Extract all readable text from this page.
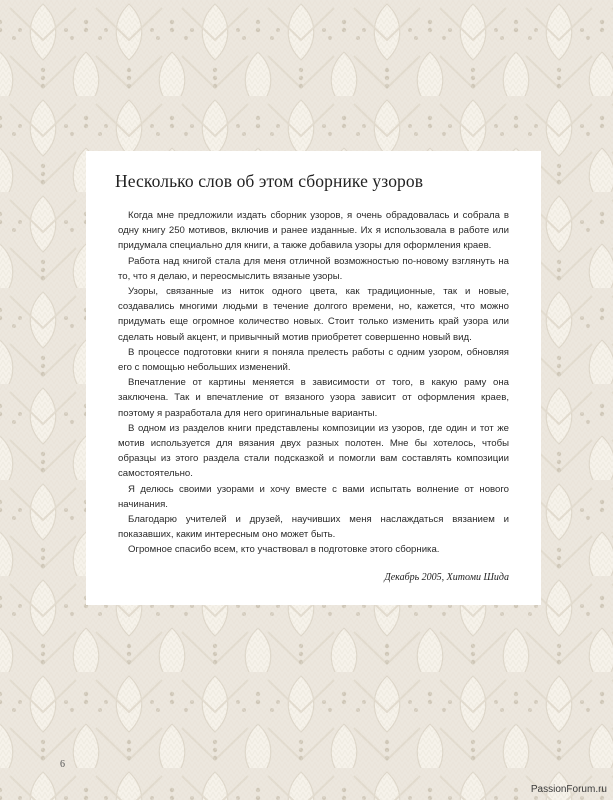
Несколько слов об этом сборнике узоров

Когда мне предложили издать сборник узоров, я очень обрадовалась и собрала в одну книгу 250 мотивов, включив и ранее изданные. Их я использовала в работе или придумала специально для книги, а также добавила узоры для оформления краев.

Работа над книгой стала для меня отличной возможностью по-новому взглянуть на то, что я делаю, и переосмыслить вязаные узоры.

Узоры, связанные из ниток одного цвета, как традиционные, так и новые, создавались многими людьми в течение долгого времени, но, кажется, что можно придумать еще огромное количество новых. Стоит только изменить край узора или сделать новый акцент, и привычный мотив приобретет совершенно новый вид.

В процессе подготовки книги я поняла прелесть работы с одним узором, обновляя его с помощью небольших изменений.

Впечатление от картины меняется в зависимости от того, в какую раму она заключена. Так и впечатление от вязаного узора зависит от оформления краев, поэтому я разработала для него оригинальные варианты.

В одном из разделов книги представлены композиции из узоров, где один и тот же мотив используется для вязания двух разных полотен. Мне бы хотелось, чтобы образцы из этого раздела стали подсказкой и помогли вам составлять композиции самостоятельно.

Я делюсь своими узорами и хочу вместе с вами испытать волнение от нового начинания.

Благодарю учителей и друзей, научивших меня наслаждаться вязанием и показавших, каким интересным оно может быть.

Огромное спасибо всем, кто участвовал в подготовке этого сборника.

Декабрь 2005, Хитоми Шида
6
PassionForum.ru
